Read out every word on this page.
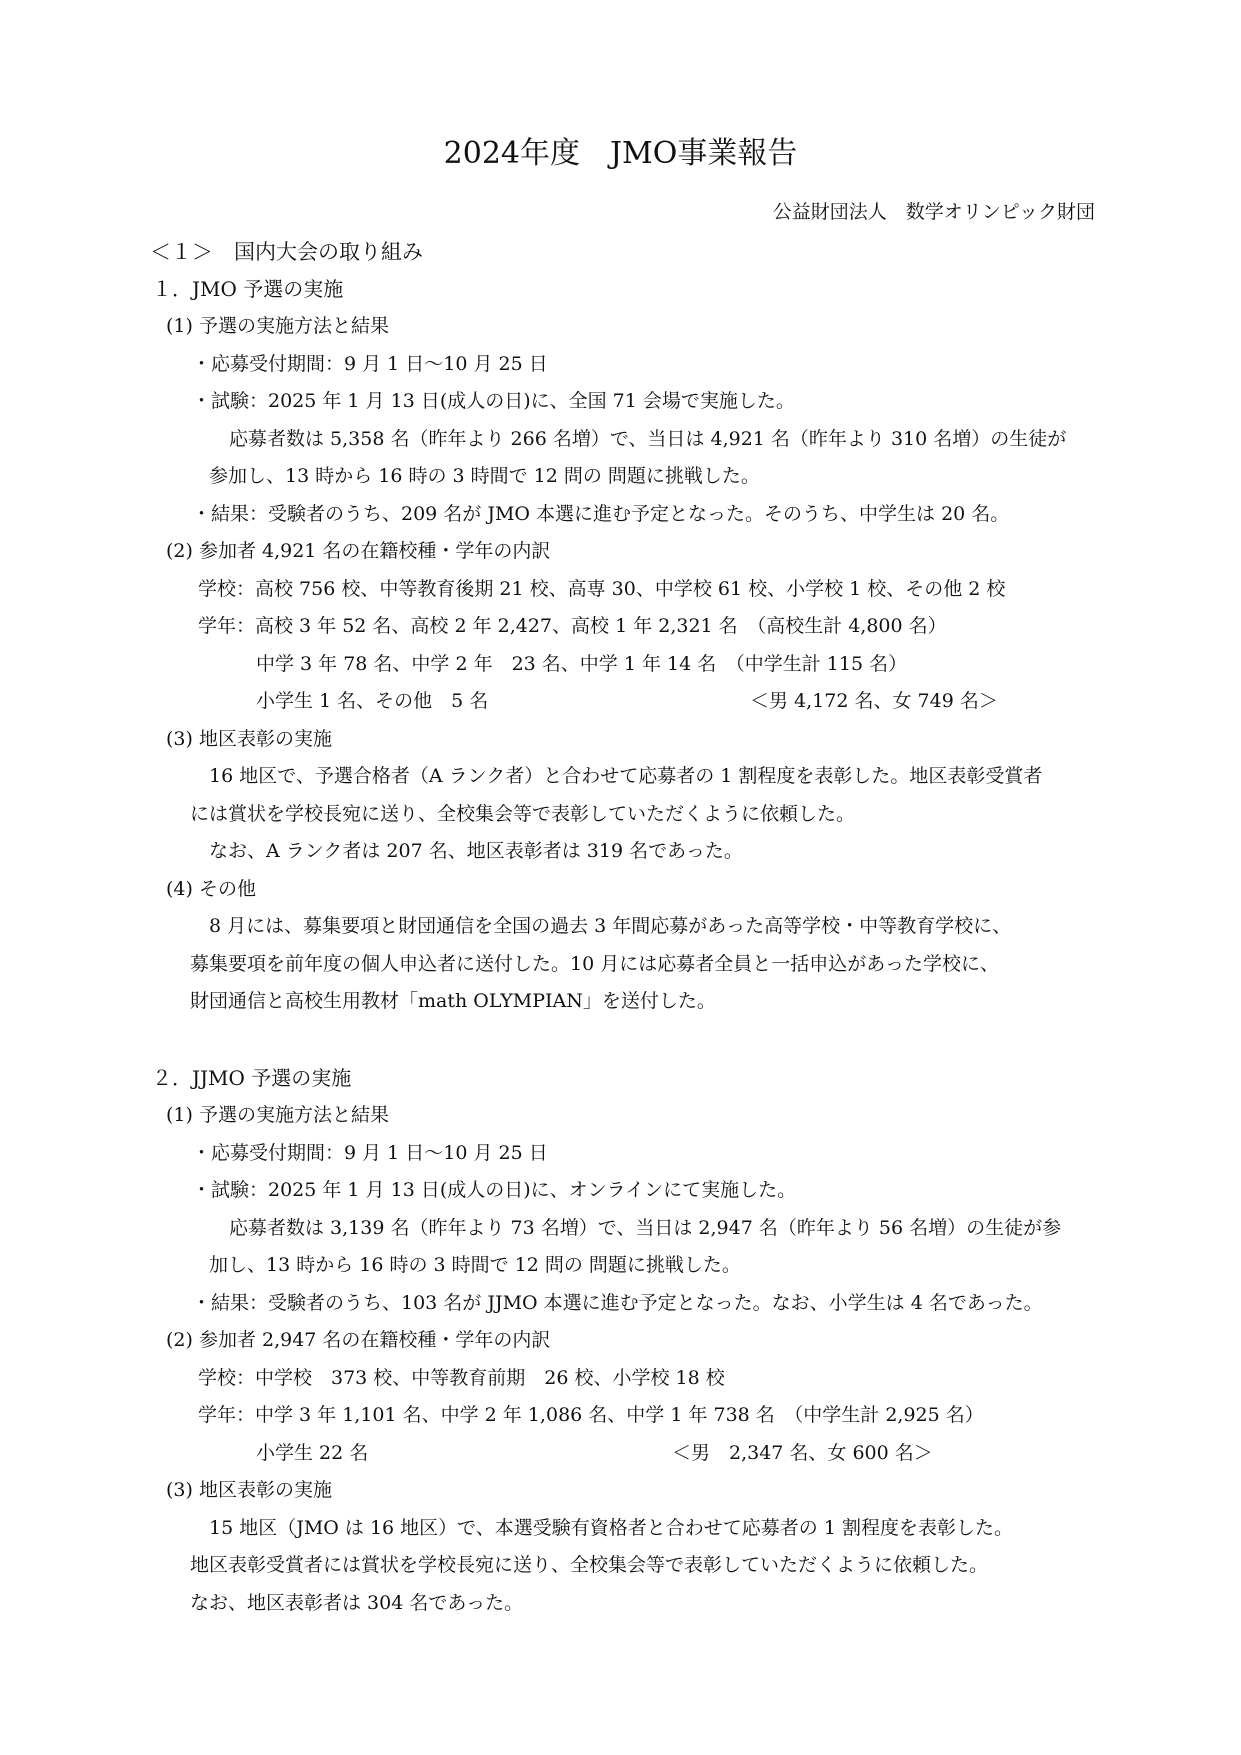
2024年度　JMO事業報告
公益財団法人　数学オリンピック財団
＜１＞　国内大会の取り組み
１．JMO 予選の実施
(1) 予選の実施方法と結果
・応募受付期間：9 月 1 日～10 月 25 日
・試験：2025 年 1 月 13 日(成人の日)に、全国 71 会場で実施した。
応募者数は 5,358 名（昨年より 266 名増）で、当日は 4,921 名（昨年より 310 名増）の生徒が
参加し、13 時から 16 時の 3 時間で 12 問の 問題に挑戦した。
・結果：受験者のうち、209 名が JMO 本選に進む予定となった。そのうち、中学生は 20 名。
(2) 参加者 4,921 名の在籍校種・学年の内訳
学校：高校 756 校、中等教育後期 21 校、高専 30、中学校 61 校、小学校 1 校、その他 2 校
学年：高校 3 年 52 名、高校 2 年 2,427、高校 1 年 2,321 名　（高校生計 4,800 名）
中学 3 年 78 名、中学 2 年　23 名、中学 1 年 14 名　（中学生計 115 名）
小学生 1 名、その他　5 名	＜男 4,172 名、女 749 名＞
(3) 地区表彰の実施
16 地区で、予選合格者（A ランク者）と合わせて応募者の 1 割程度を表彰した。地区表彰受賞者
には賞状を学校長宛に送り、全校集会等で表彰していただくように依頼した。
なお、A ランク者は 207 名、地区表彰者は 319 名であった。
(4) その他
8 月には、募集要項と財団通信を全国の過去 3 年間応募があった高等学校・中等教育学校に、
募集要項を前年度の個人申込者に送付した。10 月には応募者全員と一括申込があった学校に、
財団通信と高校生用教材「math OLYMPIAN」を送付した。
２．JJMO 予選の実施
(1) 予選の実施方法と結果
・応募受付期間：9 月 1 日～10 月 25 日
・試験：2025 年 1 月 13 日(成人の日)に、オンラインにて実施した。
応募者数は 3,139 名（昨年より 73 名増）で、当日は 2,947 名（昨年より 56 名増）の生徒が参
加し、13 時から 16 時の 3 時間で 12 問の 問題に挑戦した。
・結果：受験者のうち、103 名が JJMO 本選に進む予定となった。なお、小学生は 4 名であった。
(2) 参加者 2,947 名の在籍校種・学年の内訳
学校：中学校　373 校、中等教育前期　26 校、小学校 18 校
学年：中学 3 年 1,101 名、中学 2 年 1,086 名、中学 1 年 738 名　（中学生計 2,925 名）
小学生 22 名	＜男　2,347 名、女 600 名＞
(3) 地区表彰の実施
15 地区（JMO は 16 地区）で、本選受験有資格者と合わせて応募者の 1 割程度を表彰した。
地区表彰受賞者には賞状を学校長宛に送り、全校集会等で表彰していただくように依頼した。
なお、地区表彰者は 304 名であった。
